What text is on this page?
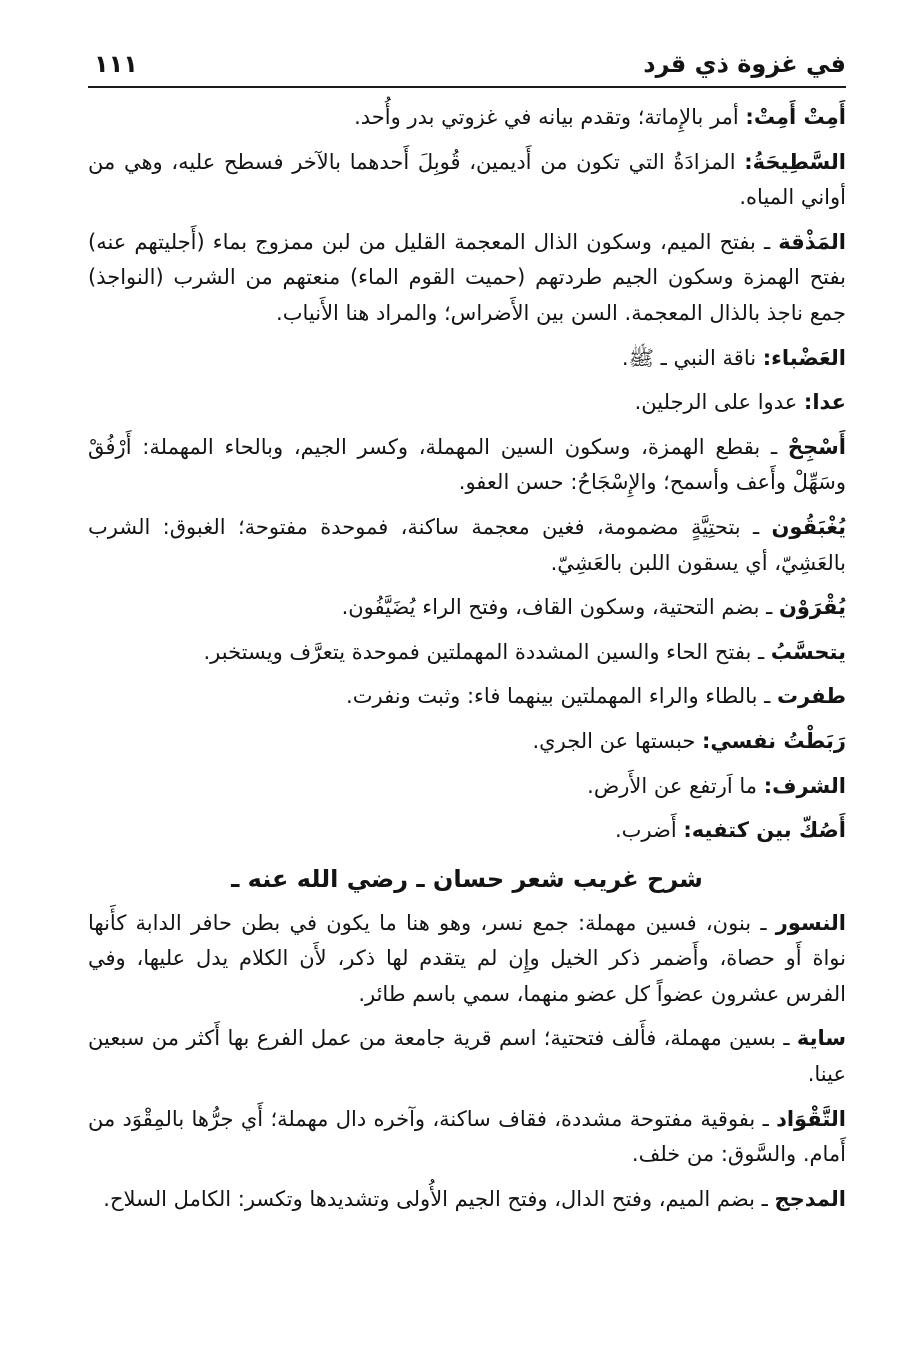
في غزوة ذي قرد
١١١

أَمِتْ أَمِتْ: أمر بالإِماتة؛ وتقدم بيانه في غزوتي بدر وأُحد.

السَّطِيحَةُ: المزادَةُ التي تكون من أَديمين، قُوبِلَ أَحدهما بالآخر فسطح عليه، وهي من أواني المياه.

المَذْقة ـ بفتح الميم، وسكون الذال المعجمة القليل من لبن ممزوج بماء (أَجليتهم عنه) بفتح الهمزة وسكون الجيم طردتهم (حميت القوم الماء) منعتهم من الشرب (النواجذ) جمع ناجذ بالذال المعجمة. السن بين الأَضراس؛ والمراد هنا الأَنياب.

العَضْباء: ناقة النبي ـ ﷺ.

عدا: عدوا على الرجلين.

أَسْجِحْ ـ بقطع الهمزة، وسكون السين المهملة، وكسر الجيم، وبالحاء المهملة: أَرْفُقْ وسَهِّلْ وأَعف وأسمح؛ والإِسْجَاحُ: حسن العفو.

يُغْبَقُون ـ بتحتِيَّةٍ مضمومة، فغين معجمة ساكنة، فموحدة مفتوحة؛ الغبوق: الشرب بالعَشِيّ، أي يسقون اللبن بالعَشِيّ.

يُقْرَوْن ـ بضم التحتية، وسكون القاف، وفتح الراء يُضَيَّفُون.

يتحسَّبُ ـ بفتح الحاء والسين المشددة المهملتين فموحدة يتعرَّف ويستخبر.

طفرت ـ بالطاء والراء المهملتين بينهما فاء: وثبت ونفرت.

رَبَطْتُ نفسي: حبستها عن الجري.

الشرف: ما اَرتفع عن الأَرض.

أَصُكّ بين كتفيه: أَضرب.

شرح غريب شعر حسان ـ رضي الله عنه ـ

النسور ـ بنون، فسين مهملة: جمع نسر، وهو هنا ما يكون في بطن حافر الدابة كأَنها نواة أَو حصاة، وأَضمر ذكر الخيل وإِن لم يتقدم لها ذكر، لأَن الكلام يدل عليها، وفي الفرس عشرون عضواً كل عضو منهما، سمي باسم طائر.

ساية ـ بسين مهملة، فأَلف فتحتية؛ اسم قرية جامعة من عمل الفرع بها أَكثر من سبعين عينا.

التَّقْوَاد ـ بفوقية مفتوحة مشددة، فقاف ساكنة، وآخره دال مهملة؛ أَي جرُّها بالمِقْوَد من أَمام. والسَّوق: من خلف.

المدجج ـ بضم الميم، وفتح الدال، وفتح الجيم الأُولى وتشديدها وتكسر: الكامل السلاح.
